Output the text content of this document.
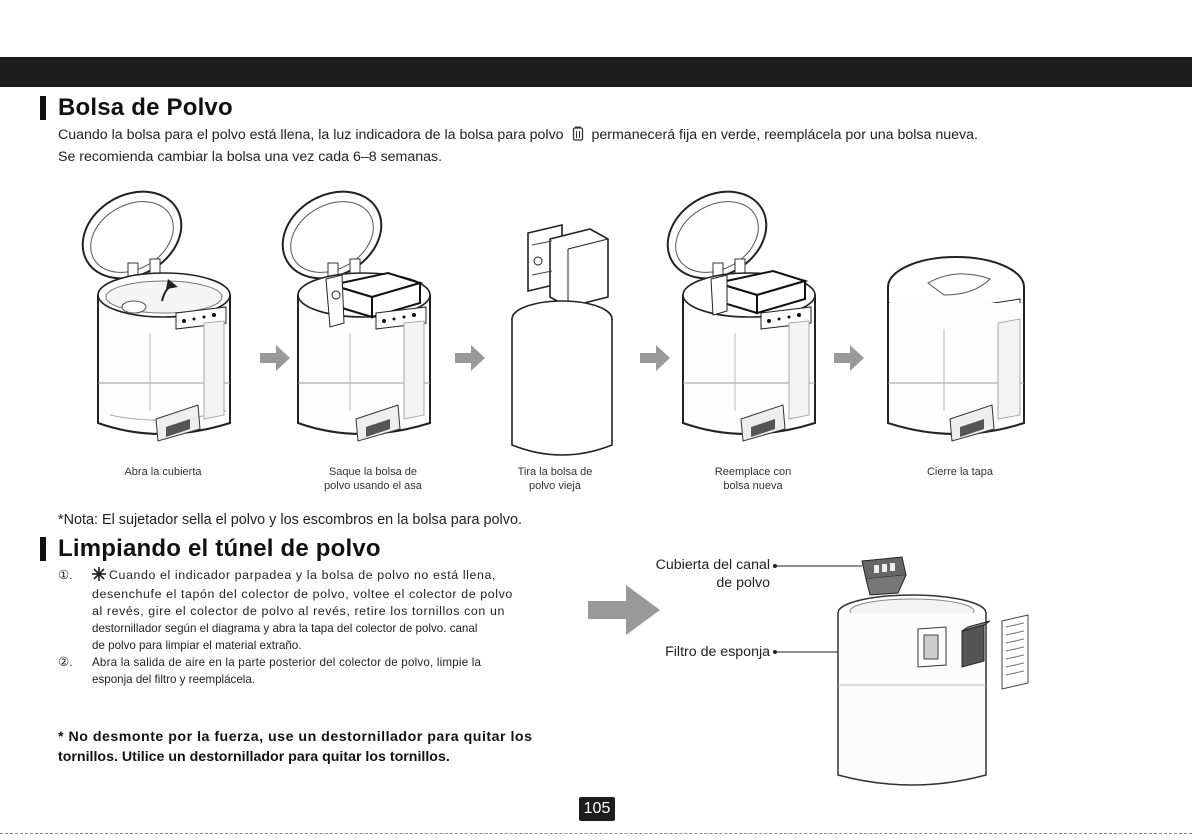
Bolsa de Polvo
Cuando la bolsa para el polvo está llena, la luz indicadora de la bolsa para polvo permanecerá fija en verde, reemplácela por una bolsa nueva.
Se recomienda cambiar la bolsa una vez cada 6–8 semanas.
Abra la cubierta	Saque la bolsa de
polvo usando el asa
Tira la bolsa de
polvo vieja
Reemplace con
bolsa nueva
Cierre la tapa

*Nota: El sujetador sella el polvo y los escombros en la bolsa para polvo.
Limpiando el túnel de polvo
①.	Cuando el indicador parpadea y la bolsa de polvo no está llena,
desenchufe el tapón del colector de polvo, voltee el colector de polvo
al revés, gire el colector de polvo al revés, retire los tornillos con un
destornillador según el diagrama y abra la tapa del colector de polvo. canal
de polvo para limpiar el material extraño.
②.	Abra la salida de aire en la parte posterior del colector de polvo, limpie la
esponja del filtro y reemplácela.
* No desmonte por la fuerza, use un destornillador para quitar los
tornillos. Utilice un destornillador para quitar los tornillos.
Cubierta del canal
de polvo
Filtro de esponja
105
